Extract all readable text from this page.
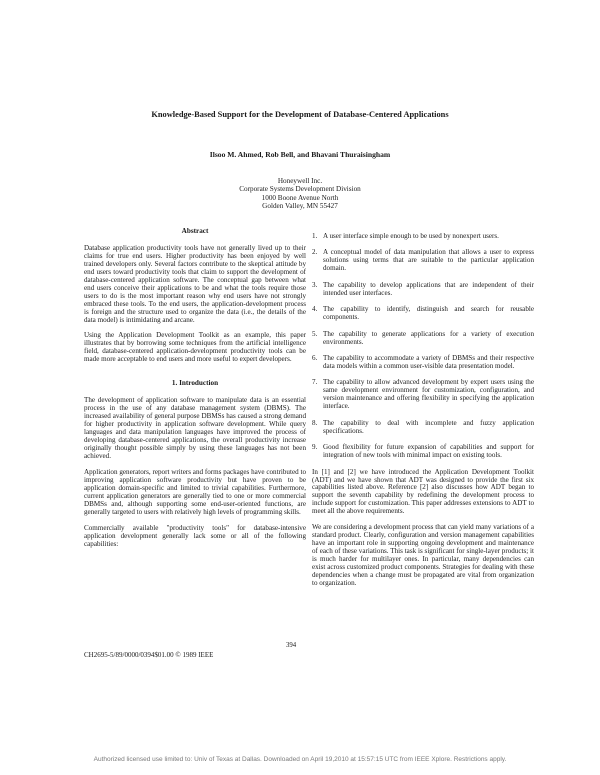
Knowledge-Based Support for the Development of Database-Centered Applications
Ilsoo M. Ahmed, Rob Bell, and Bhavani Thuraisingham
Honeywell Inc.
Corporate Systems Development Division
1000 Boone Avenue North
Golden Valley, MN 55427
Abstract

Database application productivity tools have not generally lived up to their claims for true end users. Higher productivity has been enjoyed by well trained developers only. Several factors contribute to the skeptical attitude by end users toward productivity tools that claim to support the development of database-centered application software. The conceptual gap between what end users conceive their applications to be and what the tools require those users to do is the most important reason why end users have not strongly embraced these tools. To the end users, the application-development process is foreign and the structure used to organize the data (i.e., the details of the data model) is intimidating and arcane.

Using the Application Development Toolkit as an example, this paper illustrates that by borrowing some techniques from the artificial intelligence field, database-centered application-development productivity tools can be made more acceptable to end users and more useful to expert developers.

1. Introduction

The development of application software to manipulate data is an essential process in the use of any database management system (DBMS). The increased availability of general purpose DBMSs has caused a strong demand for higher productivity in application software development. While query languages and data manipulation languages have improved the process of developing database-centered applications, the overall productivity increase originally thought possible simply by using these languages has not been achieved.

Application generators, report writers and forms packages have contributed to improving application software productivity but have proven to be application domain-specific and limited to trivial capabilities. Furthermore, current application generators are generally tied to one or more commercial DBMSs and, although supporting some end-user-oriented functions, are generally targeted to users with relatively high levels of programming skills.

Commercially available "productivity tools" for database-intensive application development generally lack some or all of the following capabilities:

1. A user interface simple enough to be used by nonexpert users.
2. A conceptual model of data manipulation that allows a user to express solutions using terms that are suitable to the particular application domain.
3. The capability to develop applications that are independent of their intended user interfaces.
4. The capability to identify, distinguish and search for reusable components.
5. The capability to generate applications for a variety of execution environments.
6. The capability to accommodate a variety of DBMSs and their respective data models within a common user-visible data presentation model.
7. The capability to allow advanced development by expert users using the same development environment for customization, configuration, and version maintenance and offering flexibility in specifying the application interface.
8. The capability to deal with incomplete and fuzzy application specifications.
9. Good flexibility for future expansion of capabilities and support for integration of new tools with minimal impact on existing tools.

In [1] and [2] we have introduced the Application Development Toolkit (ADT) and we have shown that ADT was designed to provide the first six capabilities listed above. Reference [2] also discusses how ADT began to support the seventh capability by redefining the development process to include support for customization. This paper addresses extensions to ADT to meet all the above requirements.

We are considering a development process that can yield many variations of a standard product. Clearly, configuration and version management capabilities have an important role in supporting ongoing development and maintenance of each of these variations. This task is significant for single-layer products; it is much harder for multilayer ones. In particular, many dependencies can exist across customized product components. Strategies for dealing with these dependencies when a change must be propagated are vital from organization to organization.

394
CH2695-5/89/0000/0394$01.00 © 1989 IEEE
Authorized licensed use limited to: Univ of Texas at Dallas. Downloaded on April 19,2010 at 15:57:15 UTC from IEEE Xplore. Restrictions apply.
